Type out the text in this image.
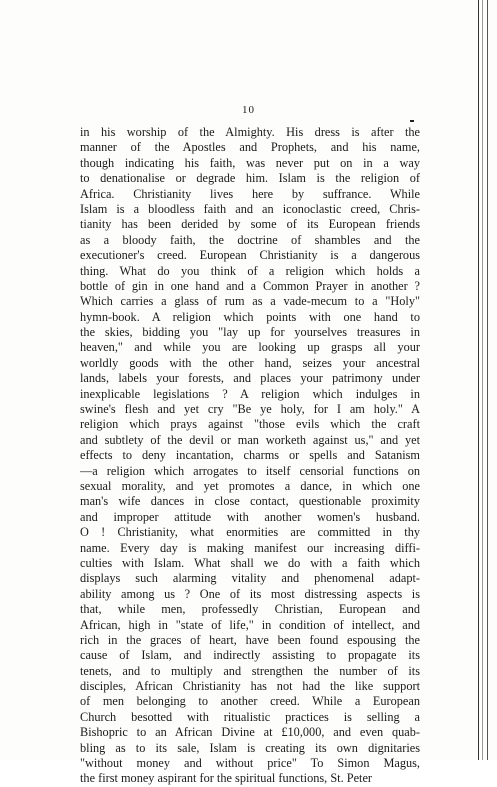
10
in his worship of the Almighty. His dress is after the
manner of the Apostles and Prophets, and his name,
though indicating his faith, was never put on in a way
to denationalise or degrade him. Islam is the religion of
Africa. Christianity lives here by suffrance. While
Islam is a bloodless faith and an iconoclastic creed, Chris-
tianity has been derided by some of its European friends
as a bloody faith, the doctrine of shambles and the
executioner's creed. European Christianity is a dangerous
thing. What do you think of a religion which holds a
bottle of gin in one hand and a Common Prayer in another ?
Which carries a glass of rum as a vade-mecum to a "Holy"
hymn-book. A religion which points with one hand to
the skies, bidding you "lay up for yourselves treasures in
heaven," and while you are looking up grasps all your
worldly goods with the other hand, seizes your ancestral
lands, labels your forests, and places your patrimony under
inexplicable legislations ? A religion which indulges in
swine's flesh and yet cry "Be ye holy, for I am holy." A
religion which prays against "those evils which the craft
and subtlety of the devil or man worketh against us," and yet
effects to deny incantation, charms or spells and Satanism
—a religion which arrogates to itself censorial functions on
sexual morality, and yet promotes a dance, in which one
man's wife dances in close contact, questionable proximity
and improper attitude with another women's husband.
O ! Christianity, what enormities are committed in thy
name. Every day is making manifest our increasing diffi-
culties with Islam. What shall we do with a faith which
displays such alarming vitality and phenomenal adapt-
ability among us ? One of its most distressing aspects is
that, while men, professedly Christian, European and
African, high in "state of life," in condition of intellect, and
rich in the graces of heart, have been found espousing the
cause of Islam, and indirectly assisting to propagate its
tenets, and to multiply and strengthen the number of its
disciples, African Christianity has not had the like support
of men belonging to another creed. While a European
Church besotted with ritualistic practices is selling a
Bishopric to an African Divine at £10,000, and even quab-
bling as to its sale, Islam is creating its own dignitaries
"without money and without price" To Simon Magus,
the first money aspirant for the spiritual functions, St. Peter
